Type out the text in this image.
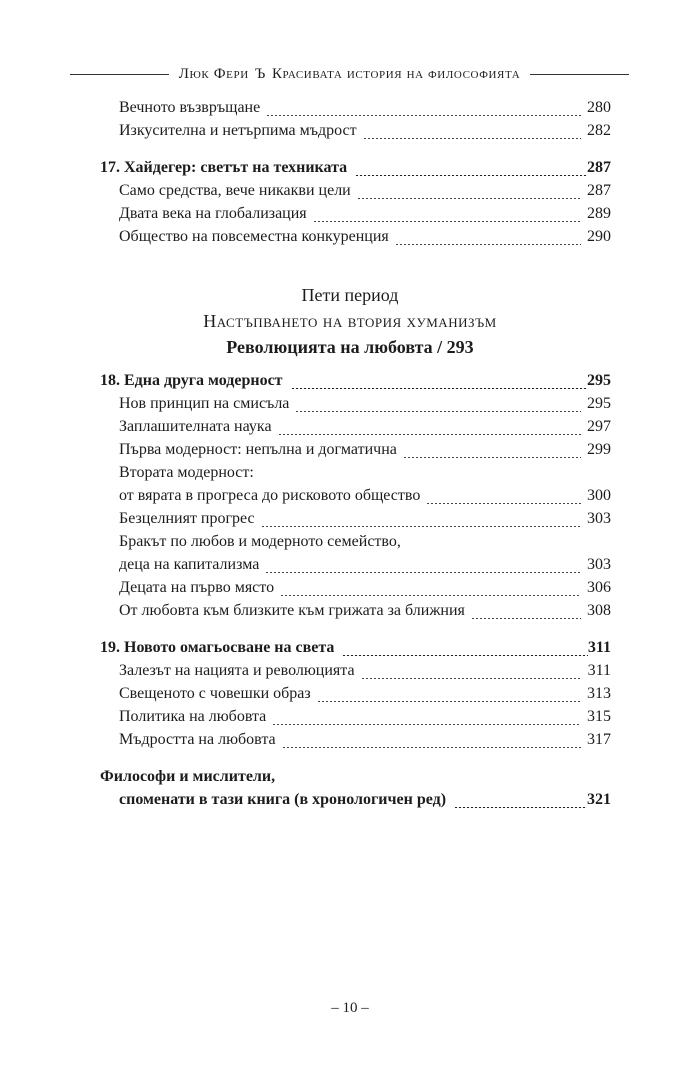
Люк Фери Ъ Красивата история на философията
Вечното възвръщане	280
Изкусителна и нетърпима мъдрост	282
17. Хайдегер: светът на техниката	287
Само средства, вече никакви цели	287
Двата века на глобализация	289
Общество на повсеместна конкуренция	290
Пети период
Настъпването на втория хуманизъм
Революцията на любовта / 293
18. Една друга модерност	295
Нов принцип на смисъла	295
Заплашителната наука	297
Първа модерност: непълна и догматична	299
Втората модерност:
от вярата в прогреса до рисковото общество	300
Безцелният прогрес	303
Бракът по любов и модерното семейство,
деца на капитализма	303
Децата на първо място	306
От любовта към близките към грижата за ближния	308
19. Новото омагьосване на света	311
Залезът на нацията и революцията	311
Свещеното с човешки образ	313
Политика на любовта	315
Мъдростта на любовта	317
Философи и мислители,
споменати в тази книга (в хронологичен ред)	321
– 10 –
